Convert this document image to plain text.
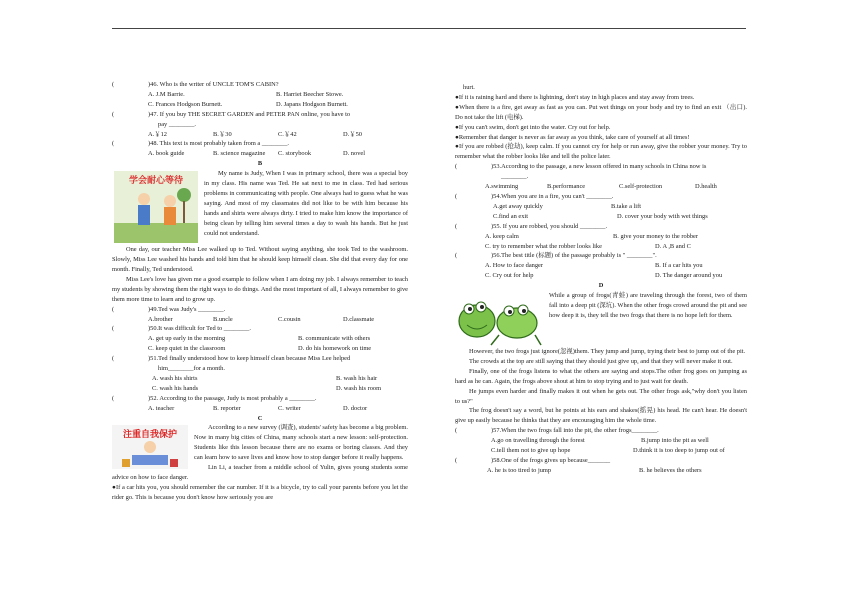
(	)46. Who is the writer of UNCLE TOM'S CABIN?
A. J.M Barrie.	B. Harriet Beecher Stowe.
C. Frances Hodgson Burnett.	D. Japans Hodgson Burnett.
(	)47. If you buy THE SECRET GARDEN and PETER PAN online, you have to
pay ________.
A.￥12	B.￥30	C.￥42	D.￥50
(	)48. This text is most probably taken from a ________.
A. book guide	B. science magazine	C. storybook	D. novel
B
学会耐心等待
My name is Judy, When I was in primary school, there was a special boy in my class. His name was Ted. He sat next to me in class. Ted had serious problems in communicating with people. One always had to guess what he was saying. And most of my classmates did not like to be with him because his hands and shirts were always dirty. I tried to make him know the importance of being clean by telling him several times a day to wash his hands. But he just could not understand.
One day, our teacher Miss Lee walked up to Ted. Without saying anything, she took Ted to the washroom. Slowly, Miss Lee washed his hands and told him that he should keep himself clean. She did that every day for one month. Finally, Ted understood.
Miss Lee's love has given me a good example to follow when I am doing my job. I always remember to teach my students by showing them the right ways to do things. And the most important of all, I always remember to give them more time to learn and to grow up.
(	)49.Ted was Judy's ________.
A.brother	B.uncle	C.cousin	D.classmate
(	)50.It was difficult for Ted to ________.
A. get up early in the morning	B. communicate with others
C. keep quiet in the classroom	D. do his homework on time
(	)51.Ted finally understood how to keep himself clean because Miss Lee helped
him________for a month.
A. wash his shirts	B. wash his hair
C. wash his hands	D. wash his room
(	)52. According to the passage, Judy is most probably a ________.
A. teacher	B. reporter	C. writer	D. doctor
C
注重自我保护
According to a new survey (调查), students' safety has become a big problem. Now in many big cities of China, many schools start a new lesson: self-protection. Students like this lesson because there are no exams or boring classes. And they can learn how to save lives and know how to stop danger before it really happens.
Lin Li, a teacher from a middle school of Yulin, gives young students some advice on how to face danger.
●If a car hits you, you should remember the car number. If it is a bicycle, try to call your parents before you let the rider go. This is because you don't know how seriously you are
hurt.
●If it is raining hard and there is lightning, don't stay in high places and stay away from trees.
●When there is a fire, get away as fast as you can. Put wet things on your body and try to find an exit （出口). Do not take the lift (电梯).
●If you can't swim, don't get into the water. Cry out for help.
●Remember that danger is never as far away as you think, take care of yourself at all times!
●If you are robbed (抢劫), keep calm. If you cannot cry for help or run away, give the robber your money. Try to remember what the robber looks like and tell the police later.
(	)53.According to the passage, a new lesson offered in many schools in China now is
________.
A.swimming	B.performance	C.self-protection	D.health
(	)54.When you are in a fire, you can't ________.
A.get away quickly	B.take a lift
C.find an exit	D. cover your body with wet things
(	)55. If you are robbed, you should ________.
A. keep calm	B. give your money to the robber
C. try to remember what the robber looks like	D. A ,B and C
(	)56.The best title (标题) of the passage probably is " ________".
A. How to face danger	B. If a car hits you
C. Cry out for help	D. The danger around you
D
While a group of frogs(青蛙) are traveling through the forest, two of them fall into a deep pit (深坑). When the other frogs crowd around the pit and see how deep it is, they tell the two frogs that there is no hope left for them.
However, the two frogs just ignore(忽视)them. They jump and jump, trying their best to jump out of the pit.
The crowds at the top are still saying that they should just give up, and that they will never make it out.
Finally, one of the frogs listens to what the others are saying and stops.The other frog goes on jumping as hard as he can. Again, the frogs above shout at him to stop trying and to just wait for death.
He jumps even harder and finally makes it out when he gets out. The other frogs ask,"why don't you listen to us?"
The frog doesn't say a word, but he points at his ears and shakes(摇晃) his head. He can't hear. He doesn't give up easily because he thinks that they are encouraging him the whole time.
(	)57.When the two frogs fall into the pit, the other frogs________.
A.go on travelling through the forest	B.jump into the pit as well
C.tell them not to give up hope	D.think it is too deep to jump out of
(	)58.One of the frogs gives up because_______
A. he is too tired to jump	B. he believes the others
